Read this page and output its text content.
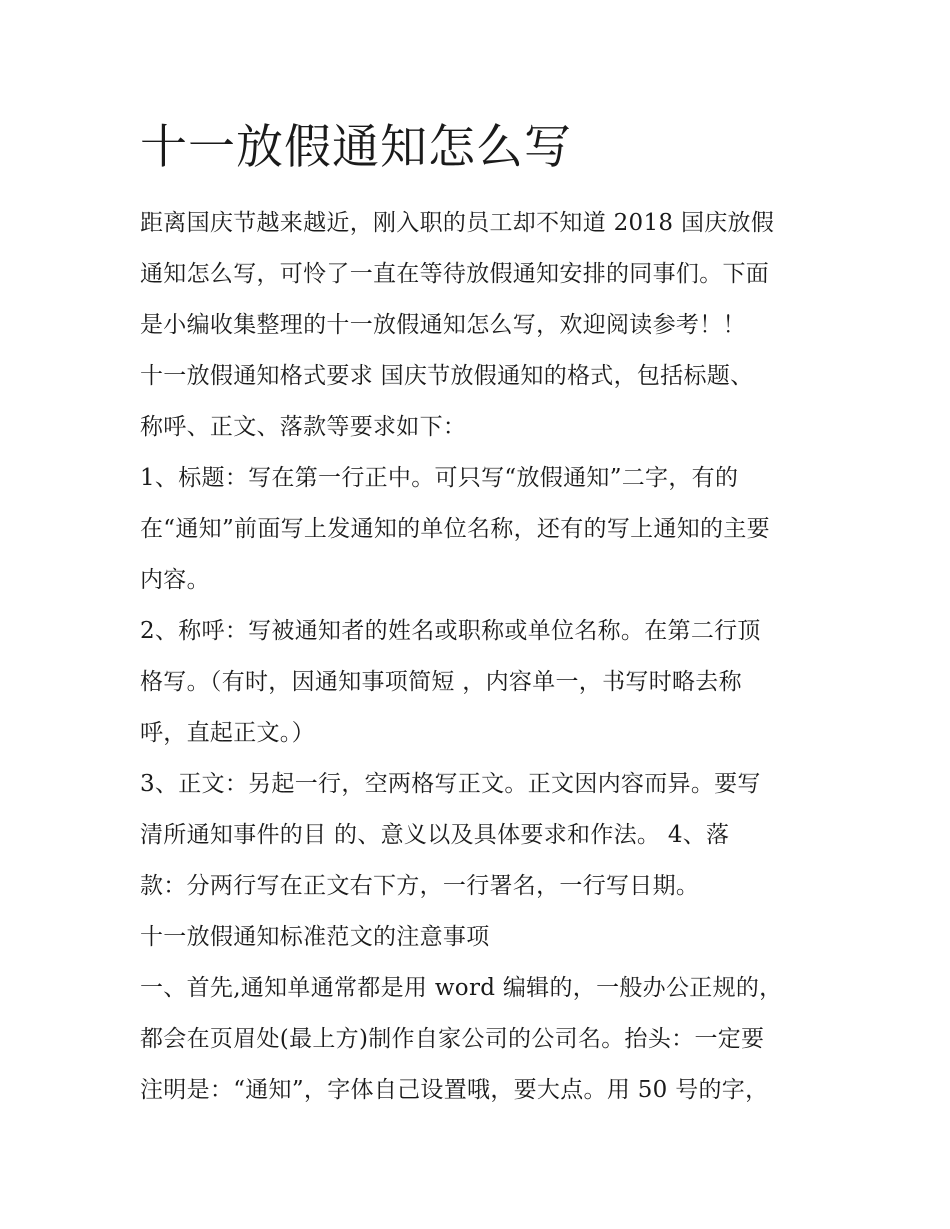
十一放假通知怎么写
距离国庆节越来越近，刚入职的员工却不知道 2018 国庆放假
通知怎么写，可怜了一直在等待放假通知安排的同事们。下面
是小编收集整理的十一放假通知怎么写，欢迎阅读参考！！
十一放假通知格式要求 国庆节放假通知的格式，包括标题、
称呼、正文、落款等要求如下：
1、标题：写在第一行正中。可只写“放假通知”二字，有的
在“通知”前面写上发通知的单位名称，还有的写上通知的主要
内容。
2、称呼：写被通知者的姓名或职称或单位名称。在第二行顶
格写。（有时，因通知事项简短 ，内容单一，书写时略去称
呼，直起正文。）
3、正文：另起一行，空两格写正文。正文因内容而异。要写
清所通知事件的目 的、意义以及具体要求和作法。 4、落
款：分两行写在正文右下方，一行署名，一行写日期。
十一放假通知标准范文的注意事项
一、首先,通知单通常都是用 word 编辑的，一般办公正规的，
都会在页眉处(最上方)制作自家公司的公司名。抬头：一定要
注明是：“通知”，字体自己设置哦，要大点。用 50 号的字，
